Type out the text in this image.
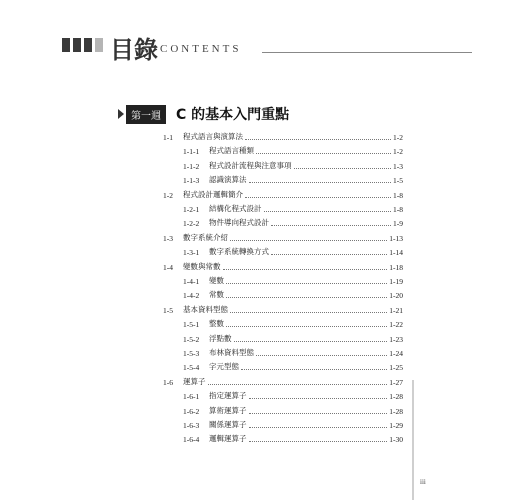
目錄 CONTENTS
第一週	C 的基本入門重點
1-1	程式語言與演算法	1-2
1-1-1	程式語言種類	1-2
1-1-2	程式設計流程與注意事項	1-3
1-1-3	認識演算法	1-5
1-2	程式設計邏輯簡介	1-8
1-2-1	結構化程式設計	1-8
1-2-2	物件導向程式設計	1-9
1-3	數字系統介紹	1-13
1-3-1	數字系統轉換方式	1-14
1-4	變數與常數	1-18
1-4-1	變數	1-19
1-4-2	常數	1-20
1-5	基本資料型態	1-21
1-5-1	整數	1-22
1-5-2	浮點數	1-23
1-5-3	布林資料型態	1-24
1-5-4	字元型態	1-25
1-6	運算子	1-27
1-6-1	指定運算子	1-28
1-6-2	算術運算子	1-28
1-6-3	關係運算子	1-29
1-6-4	邏輯運算子	1-30
iii
